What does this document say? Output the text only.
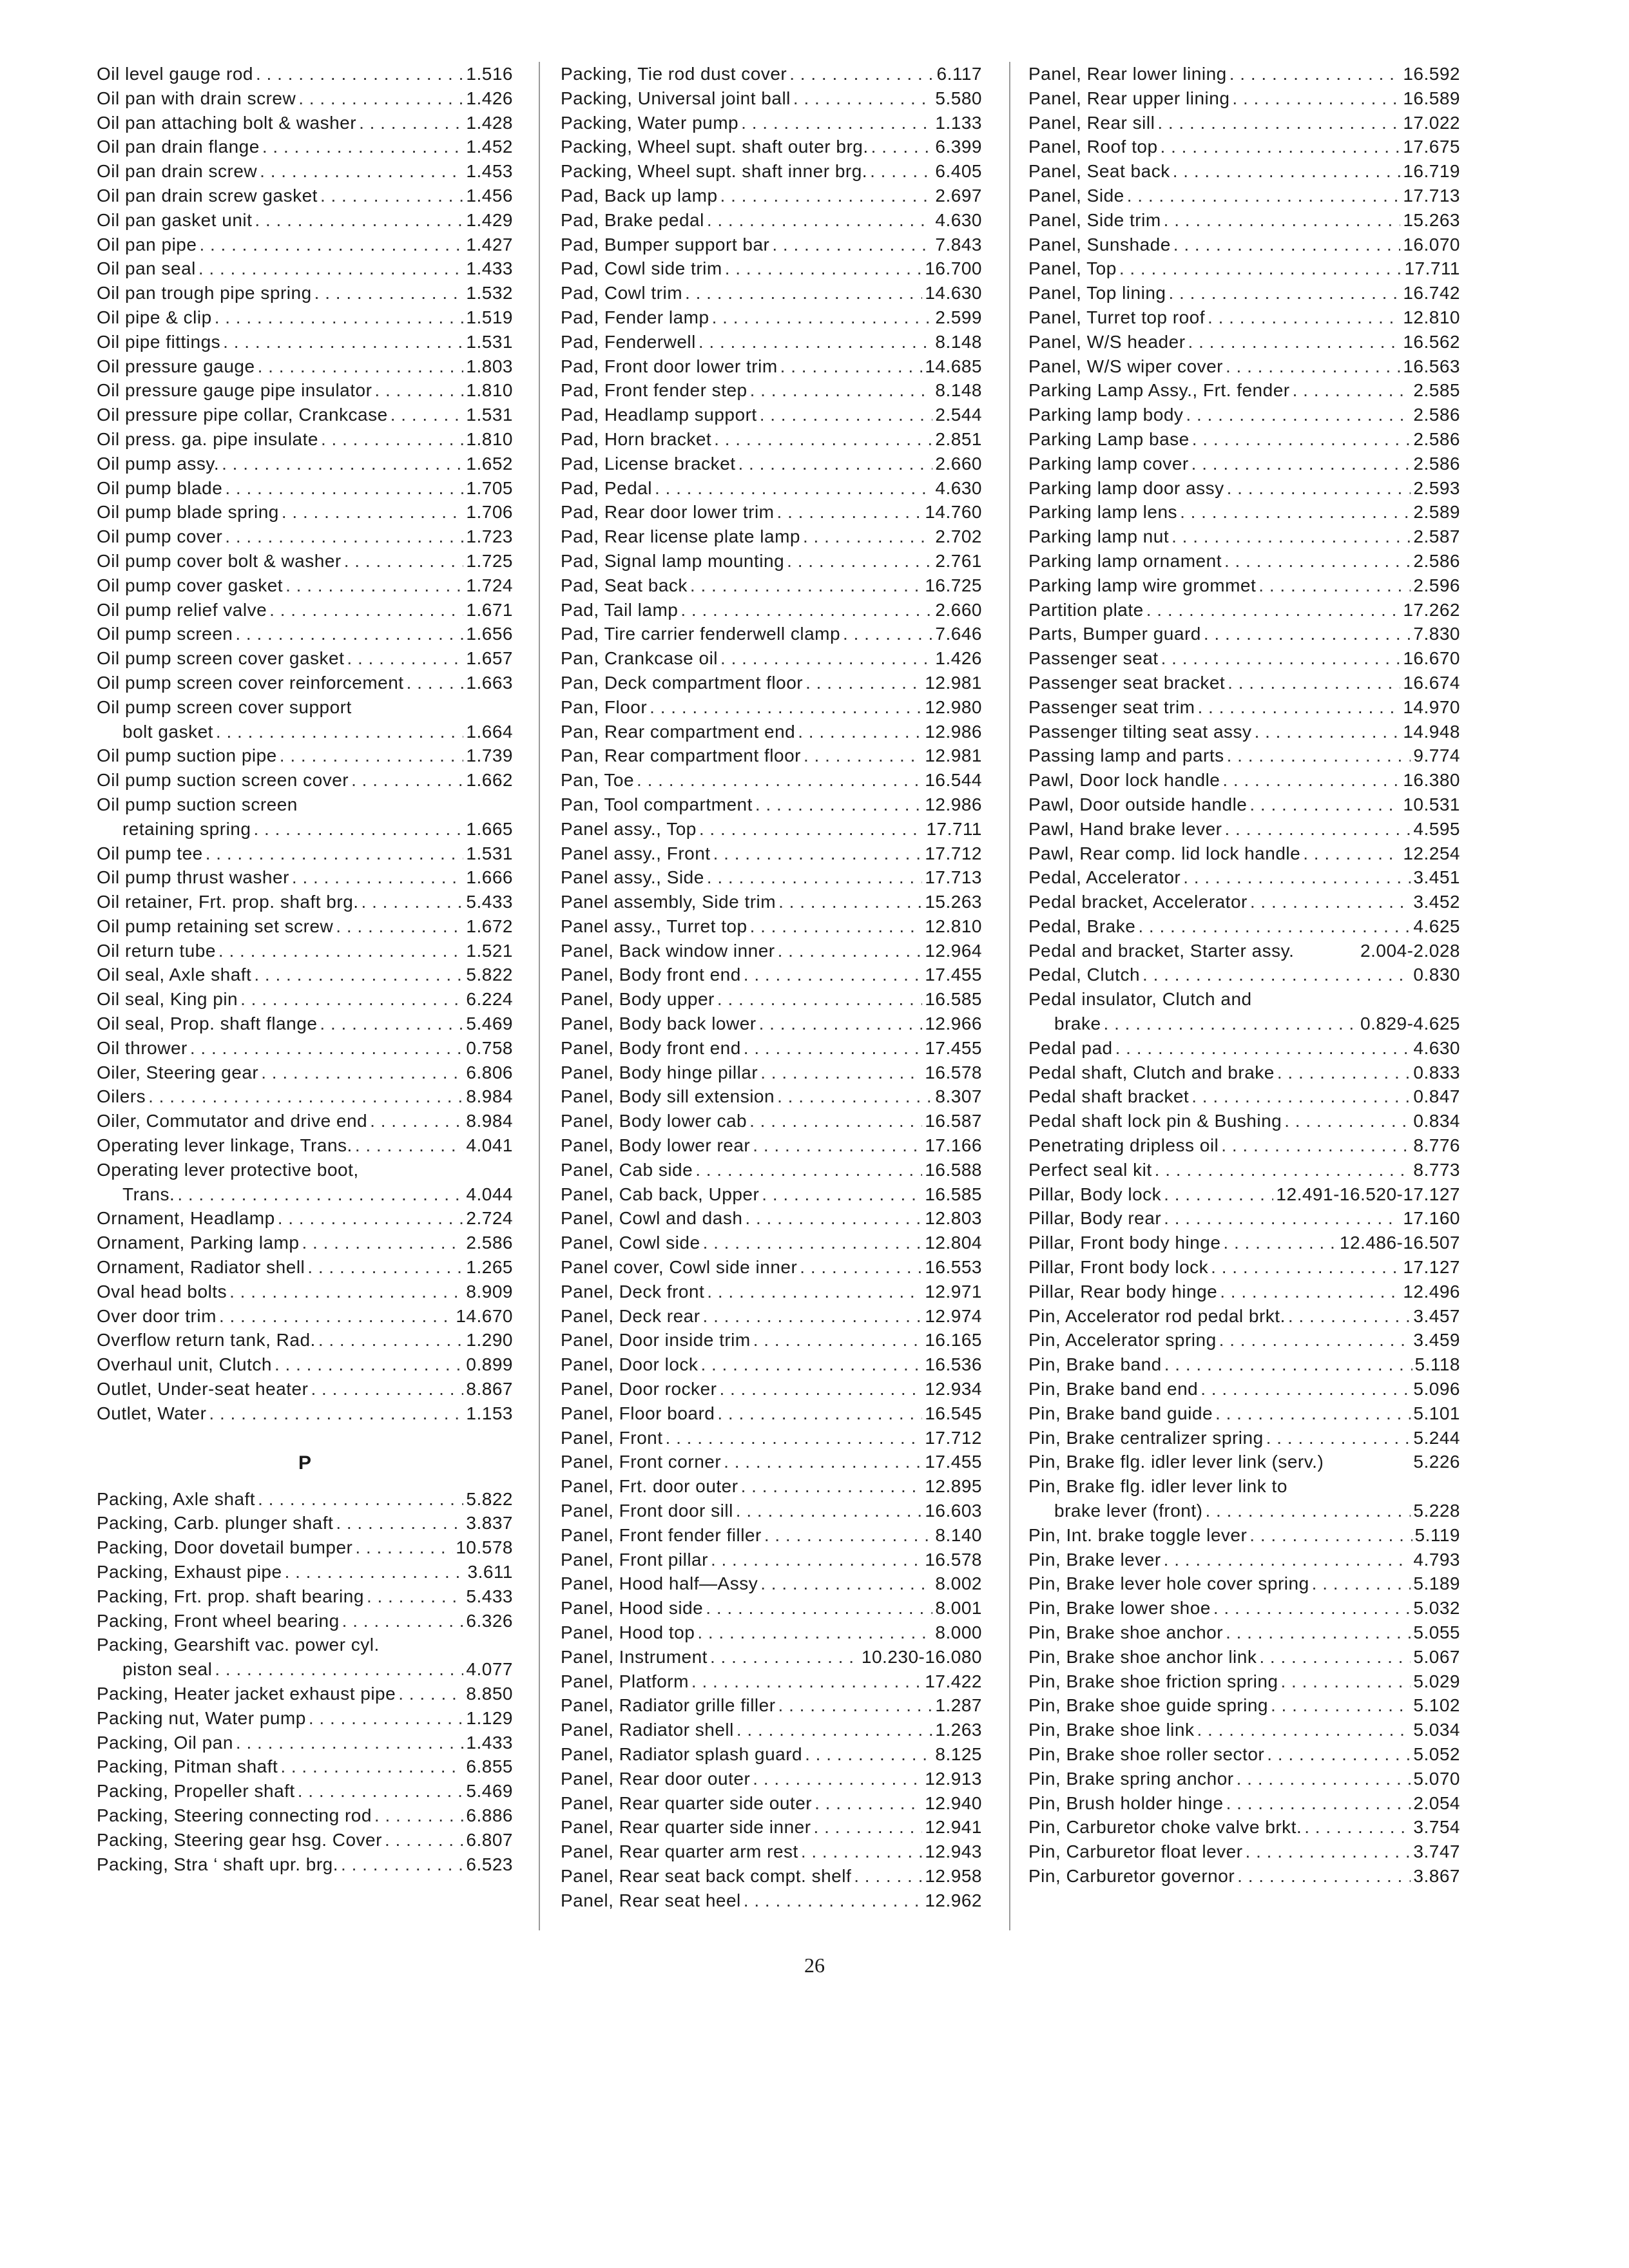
Oil level gauge rod . . .	1.516
Oil pan with drain screw . . .	1.426
Oil pan attaching bolt & washer . . .	1.428
Oil pan drain flange . . .	1.452
Oil pan drain screw . . .	1.453
Oil pan drain screw gasket . . .	1.456
Oil pan gasket unit . . .	1.429
Oil pan pipe . . .	1.427
Oil pan seal . . .	1.433
Oil pan trough pipe spring . . .	1.532
Oil pipe & clip . . .	1.519
Oil pipe fittings . . .	1.531
Oil pressure gauge . . .	1.803
Oil pressure gauge pipe insulator . . .	1.810
Oil pressure pipe collar, Crankcase . . .	1.531
Oil press. ga. pipe insulate . . .	1.810
Oil pump assy. . . .	1.652
Oil pump blade . . .	1.705
Oil pump blade spring . . .	1.706
Oil pump cover . . .	1.723
Oil pump cover bolt & washer . . .	1.725
Oil pump cover gasket . . .	1.724
Oil pump relief valve . . .	1.671
Oil pump screen . . .	1.656
Oil pump screen cover gasket . . .	1.657
Oil pump screen cover reinforcement . . .	1.663
Oil pump screen cover support
bolt gasket . . .	1.664
Oil pump suction pipe . . .	1.739
Oil pump suction screen cover . . .	1.662
Oil pump suction screen
retaining spring . . .	1.665
Oil pump tee . . .	1.531
Oil pump thrust washer . . .	1.666
Oil retainer, Frt. prop. shaft brg. . . .	5.433
Oil pump retaining set screw . . .	1.672
Oil return tube . . .	1.521
Oil seal, Axle shaft . . .	5.822
Oil seal, King pin . . .	6.224
Oil seal, Prop. shaft flange . . .	5.469
Oil thrower . . .	0.758
Oiler, Steering gear . . .	6.806
Oilers . . .	8.984
Oiler, Commutator and drive end . . .	8.984
Operating lever linkage, Trans. . . .	4.041
Operating lever protective boot,
Trans. . . .	4.044
Ornament, Headlamp . . .	2.724
Ornament, Parking lamp . . .	2.586
Ornament, Radiator shell . . .	1.265
Oval head bolts . . .	8.909
Over door trim . . .	14.670
Overflow return tank, Rad. . . .	1.290
Overhaul unit, Clutch . . .	0.899
Outlet, Under-seat heater . . .	8.867
Outlet, Water . . .	1.153
P
Packing, Axle shaft . . .	5.822
Packing, Carb. plunger shaft . . .	3.837
Packing, Door dovetail bumper . . .	10.578
Packing, Exhaust pipe . . .	3.611
Packing, Frt. prop. shaft bearing . . .	5.433
Packing, Front wheel bearing . . .	6.326
Packing, Gearshift vac. power cyl.
piston seal . . .	4.077
Packing, Heater jacket exhaust pipe . . .	8.850
Packing nut, Water pump . . .	1.129
Packing, Oil pan . . .	1.433
Packing, Pitman shaft . . .	6.855
Packing, Propeller shaft . . .	5.469
Packing, Steering connecting rod . . .	6.886
Packing, Steering gear hsg. Cover . . .	6.807
Packing, Stra ‘ shaft upr. brg. . . .	6.523
Packing, Tie rod dust cover . . .	6.117
Packing, Universal joint ball . . .	5.580
Packing, Water pump . . .	1.133
Packing, Wheel supt. shaft outer brg. . . .	6.399
Packing, Wheel supt. shaft inner brg. . . .	6.405
Pad, Back up lamp . . .	2.697
Pad, Brake pedal . . .	4.630
Pad, Bumper support bar . . .	7.843
Pad, Cowl side trim . . .	16.700
Pad, Cowl trim . . .	14.630
Pad, Fender lamp . . .	2.599
Pad, Fenderwell . . .	8.148
Pad, Front door lower trim . . .	14.685
Pad, Front fender step . . .	8.148
Pad, Headlamp support . . .	2.544
Pad, Horn bracket . . .	2.851
Pad, License bracket . . .	2.660
Pad, Pedal . . .	4.630
Pad, Rear door lower trim . . .	14.760
Pad, Rear license plate lamp . . .	2.702
Pad, Signal lamp mounting . . .	2.761
Pad, Seat back . . .	16.725
Pad, Tail lamp . . .	2.660
Pad, Tire carrier fenderwell clamp . . .	7.646
Pan, Crankcase oil . . .	1.426
Pan, Deck compartment floor . . .	12.981
Pan, Floor . . .	12.980
Pan, Rear compartment end . . .	12.986
Pan, Rear compartment floor . . .	12.981
Pan, Toe . . .	16.544
Pan, Tool compartment . . .	12.986
Panel assy., Top . . .	17.711
Panel assy., Front . . .	17.712
Panel assy., Side . . .	17.713
Panel assembly, Side trim . . .	15.263
Panel assy., Turret top . . .	12.810
Panel, Back window inner . . .	12.964
Panel, Body front end . . .	17.455
Panel, Body upper . . .	16.585
Panel, Body back lower . . .	12.966
Panel, Body front end . . .	17.455
Panel, Body hinge pillar . . .	16.578
Panel, Body sill extension . . .	8.307
Panel, Body lower cab . . .	16.587
Panel, Body lower rear . . .	17.166
Panel, Cab side . . .	16.588
Panel, Cab back, Upper . . .	16.585
Panel, Cowl and dash . . .	12.803
Panel, Cowl side . . .	12.804
Panel cover, Cowl side inner . . .	16.553
Panel, Deck front . . .	12.971
Panel, Deck rear . . .	12.974
Panel, Door inside trim . . .	16.165
Panel, Door lock . . .	16.536
Panel, Door rocker . . .	12.934
Panel, Floor board . . .	16.545
Panel, Front . . .	17.712
Panel, Front corner . . .	17.455
Panel, Frt. door outer . . .	12.895
Panel, Front door sill . . .	16.603
Panel, Front fender filler . . .	8.140
Panel, Front pillar . . .	16.578
Panel, Hood half—Assy . . .	8.002
Panel, Hood side . . .	8.001
Panel, Hood top . . .	8.000
Panel, Instrument . . .	10.230-16.080
Panel, Platform . . .	17.422
Panel, Radiator grille filler . . .	1.287
Panel, Radiator shell . . .	1.263
Panel, Radiator splash guard . . .	8.125
Panel, Rear door outer . . .	12.913
Panel, Rear quarter side outer . . .	12.940
Panel, Rear quarter side inner . . .	12.941
Panel, Rear quarter arm rest . . .	12.943
Panel, Rear seat back compt. shelf . . .	12.958
Panel, Rear seat heel . . .	12.962
Panel, Rear lower lining . . .	16.592
Panel, Rear upper lining . . .	16.589
Panel, Rear sill . . .	17.022
Panel, Roof top . . .	17.675
Panel, Seat back . . .	16.719
Panel, Side . . .	17.713
Panel, Side trim . . .	15.263
Panel, Sunshade . . .	16.070
Panel, Top . . .	17.711
Panel, Top lining . . .	16.742
Panel, Turret top roof . . .	12.810
Panel, W/S header . . .	16.562
Panel, W/S wiper cover . . .	16.563
Parking Lamp Assy., Frt. fender . . .	2.585
Parking lamp body . . .	2.586
Parking Lamp base . . .	2.586
Parking lamp cover . . .	2.586
Parking lamp door assy . . .	2.593
Parking lamp lens . . .	2.589
Parking lamp nut . . .	2.587
Parking lamp ornament . . .	2.586
Parking lamp wire grommet . . .	2.596
Partition plate . . .	17.262
Parts, Bumper guard . . .	7.830
Passenger seat . . .	16.670
Passenger seat bracket . . .	16.674
Passenger seat trim . . .	14.970
Passenger tilting seat assy . . .	14.948
Passing lamp and parts . . .	9.774
Pawl, Door lock handle . . .	16.380
Pawl, Door outside handle . . .	10.531
Pawl, Hand brake lever . . .	4.595
Pawl, Rear comp. lid lock handle . . .	12.254
Pedal, Accelerator . . .	3.451
Pedal bracket, Accelerator . . .	3.452
Pedal, Brake . . .	4.625
Pedal and bracket, Starter assy.	2.004-2.028
Pedal, Clutch . . .	0.830
Pedal insulator, Clutch and
brake . . .	0.829-4.625
Pedal pad . . .	4.630
Pedal shaft, Clutch and brake . . .	0.833
Pedal shaft bracket . . .	0.847
Pedal shaft lock pin & Bushing . . .	0.834
Penetrating dripless oil . . .	8.776
Perfect seal kit . . .	8.773
Pillar, Body lock . . .	12.491-16.520-17.127
Pillar, Body rear . . .	17.160
Pillar, Front body hinge . . .	12.486-16.507
Pillar, Front body lock . . .	17.127
Pillar, Rear body hinge . . .	12.496
Pin, Accelerator rod pedal brkt. . . .	3.457
Pin, Accelerator spring . . .	3.459
Pin, Brake band . . .	5.118
Pin, Brake band end . . .	5.096
Pin, Brake band guide . . .	5.101
Pin, Brake centralizer spring . . .	5.244
Pin, Brake flg. idler lever link (serv.)	5.226
Pin, Brake flg. idler lever link to
brake lever (front) . . .	5.228
Pin, Int. brake toggle lever . . .	5.119
Pin, Brake lever . . .	4.793
Pin, Brake lever hole cover spring . . .	5.189
Pin, Brake lower shoe . . .	5.032
Pin, Brake shoe anchor . . .	5.055
Pin, Brake shoe anchor link . . .	5.067
Pin, Brake shoe friction spring . . .	5.029
Pin, Brake shoe guide spring . . .	5.102
Pin, Brake shoe link . . .	5.034
Pin, Brake shoe roller sector . . .	5.052
Pin, Brake spring anchor . . .	5.070
Pin, Brush holder hinge . . .	2.054
Pin, Carburetor choke valve brkt. . . .	3.754
Pin, Carburetor float lever . . .	3.747
Pin, Carburetor governor . . .	3.867
26
